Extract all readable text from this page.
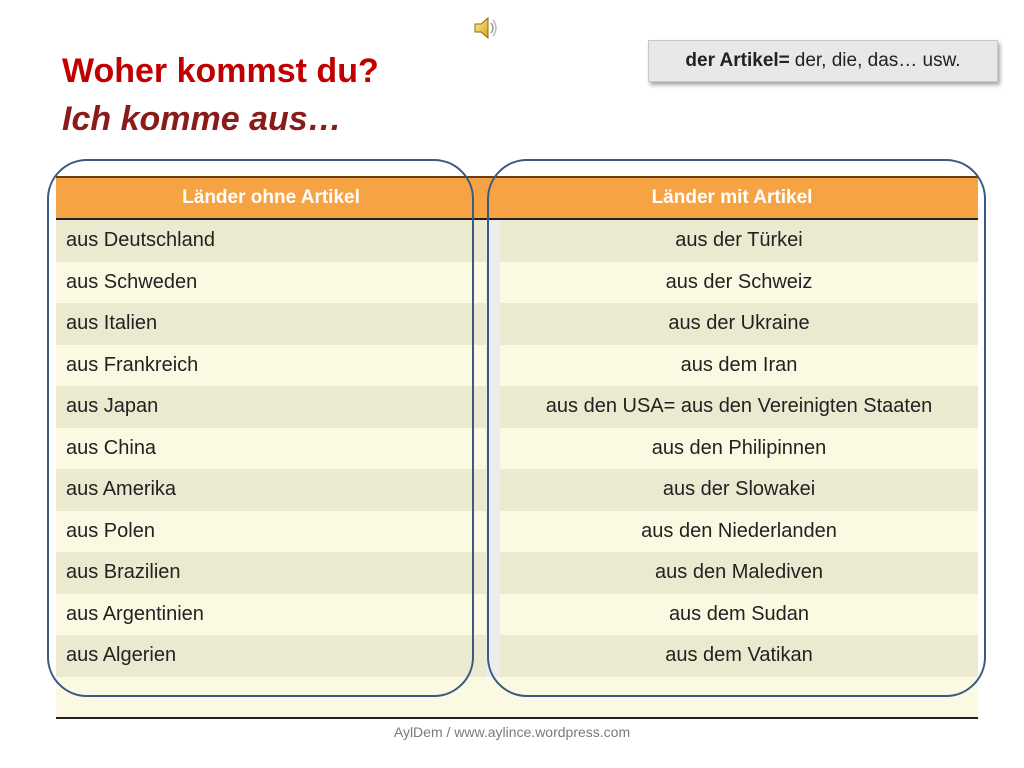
Woher kommst du?
Ich komme aus…
der Artikel= der, die, das… usw.
Länder ohne Artikel	Länder mit Artikel
aus Deutschland	aus der Türkei
aus Schweden	aus der Schweiz
aus Italien	aus der Ukraine
aus Frankreich	aus dem Iran
aus Japan	aus den USA= aus den Vereinigten Staaten
aus China	aus den Philipinnen
aus Amerika	aus der Slowakei
aus Polen	aus den Niederlanden
aus Brazilien	aus den Malediven
aus Argentinien	aus dem Sudan
aus Algerien	aus dem Vatikan
AylDem / www.aylince.wordpress.com
